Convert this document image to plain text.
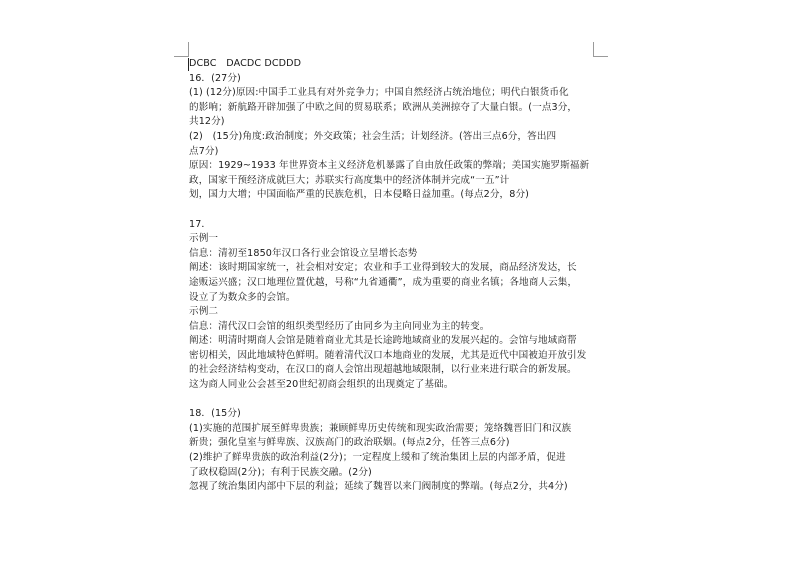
DCBC　DACDC DCDDD
16．(27分)
(1) (12分)原因:中国手工业具有对外竞争力；中国自然经济占统治地位；明代白银货币化
的影响；新航路开辟加强了中欧之间的贸易联系；欧洲从美洲掠夺了大量白银。(一点3分，
共12分)
(2)　(15分)角度:政治制度；外交政策；社会生活；计划经济。(答出三点6分，答出四
点7分)
原因：1929~1933 年世界资本主义经济危机暴露了自由放任政策的弊端；美国实施罗斯福新
政，国家干预经济成就巨大；苏联实行高度集中的经济体制并完成“一五”计
划，国力大增；中国面临严重的民族危机，日本侵略日益加重。(每点2分，8分)
17．
示例一
信息：清初至1850年汉口各行业会馆设立呈增长态势
阐述：该时期国家统一，社会相对安定；农业和手工业得到较大的发展，商品经济发达，长
途贩运兴盛；汉口地理位置优越，号称“九省通衢”，成为重要的商业名镇；各地商人云集，
设立了为数众多的会馆。
示例二
信息：清代汉口会馆的组织类型经历了由同乡为主向同业为主的转变。
阐述：明清时期商人会馆是随着商业尤其是长途跨地域商业的发展兴起的。会馆与地域商帮
密切相关，因此地域特色鲜明。随着清代汉口本地商业的发展，尤其是近代中国被迫开放引发
的社会经济结构变动，在汉口的商人会馆出现超越地域限制，以行业来进行联合的新发展。
这为商人同业公会甚至20世纪初商会组织的出现奠定了基础。
18．(15分)
(1)实施的范围扩展至鲜卑贵族；兼顾鲜卑历史传统和现实政治需要；笼络魏晋旧门和汉族
新贵；强化皇室与鲜卑族、汉族高门的政治联姻。(每点2分，任答三点6分)
(2)维护了鲜卑贵族的政治利益(2分)；一定程度上缓和了统治集团上层的内部矛盾，促进
了政权稳固(2分)；有利于民族交融。(2分)
忽视了统治集团内部中下层的利益；延续了魏晋以来门阀制度的弊端。(每点2分，共4分)
